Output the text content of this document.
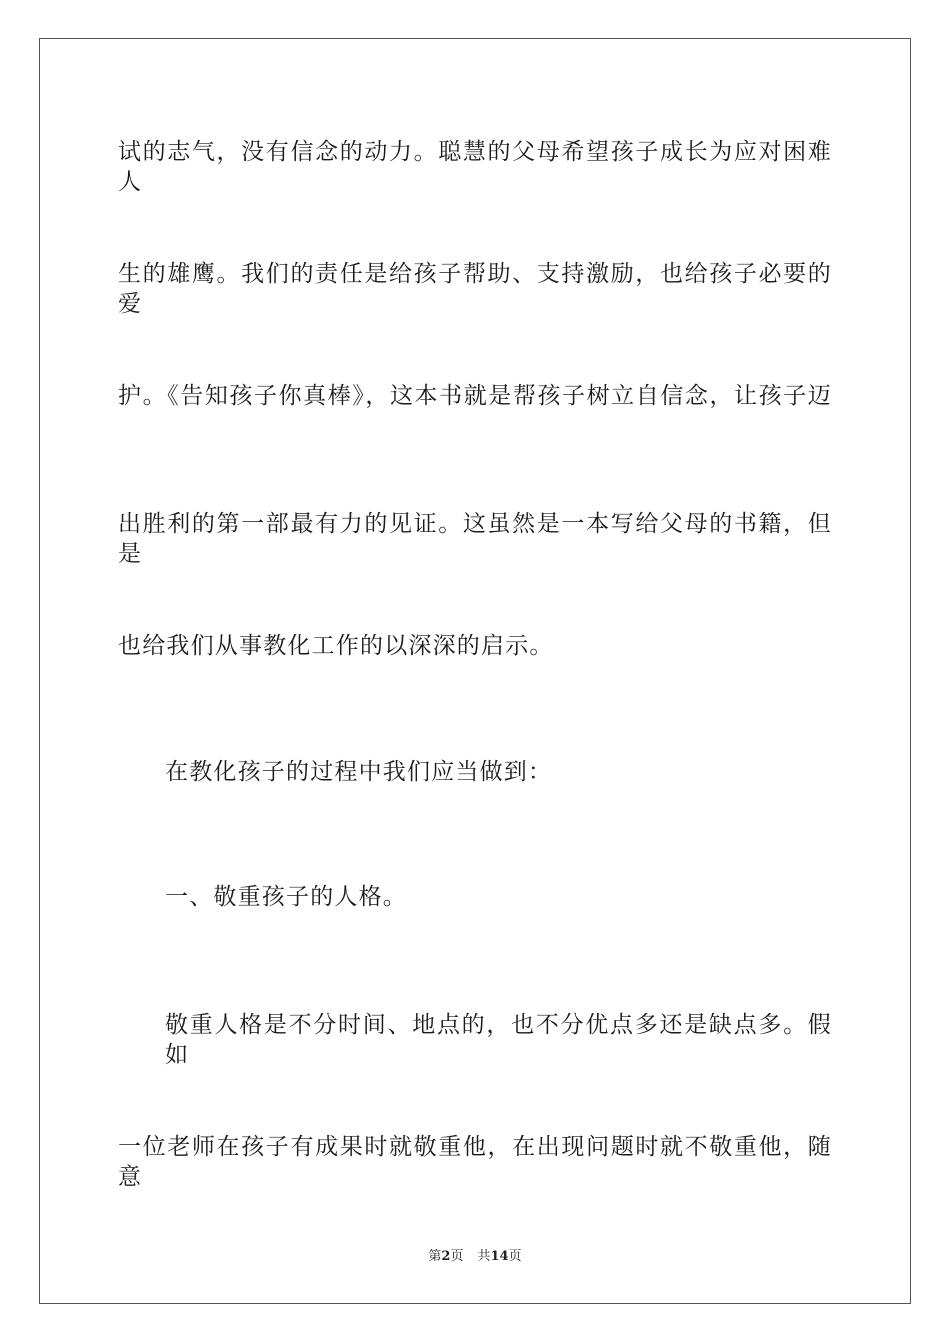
试的志气，没有信念的动力。聪慧的父母希望孩子成长为应对困难人
生的雄鹰。我们的责任是给孩子帮助、支持激励，也给孩子必要的爱
护。《告知孩子你真棒》，这本书就是帮孩子树立自信念，让孩子迈
出胜利的第一部最有力的见证。这虽然是一本写给父母的书籍，但是
也给我们从事教化工作的以深深的启示。
在教化孩子的过程中我们应当做到：
一、敬重孩子的人格。
敬重人格是不分时间、地点的，也不分优点多还是缺点多。假如
一位老师在孩子有成果时就敬重他，在出现问题时就不敬重他，随意
第2页 共14页
